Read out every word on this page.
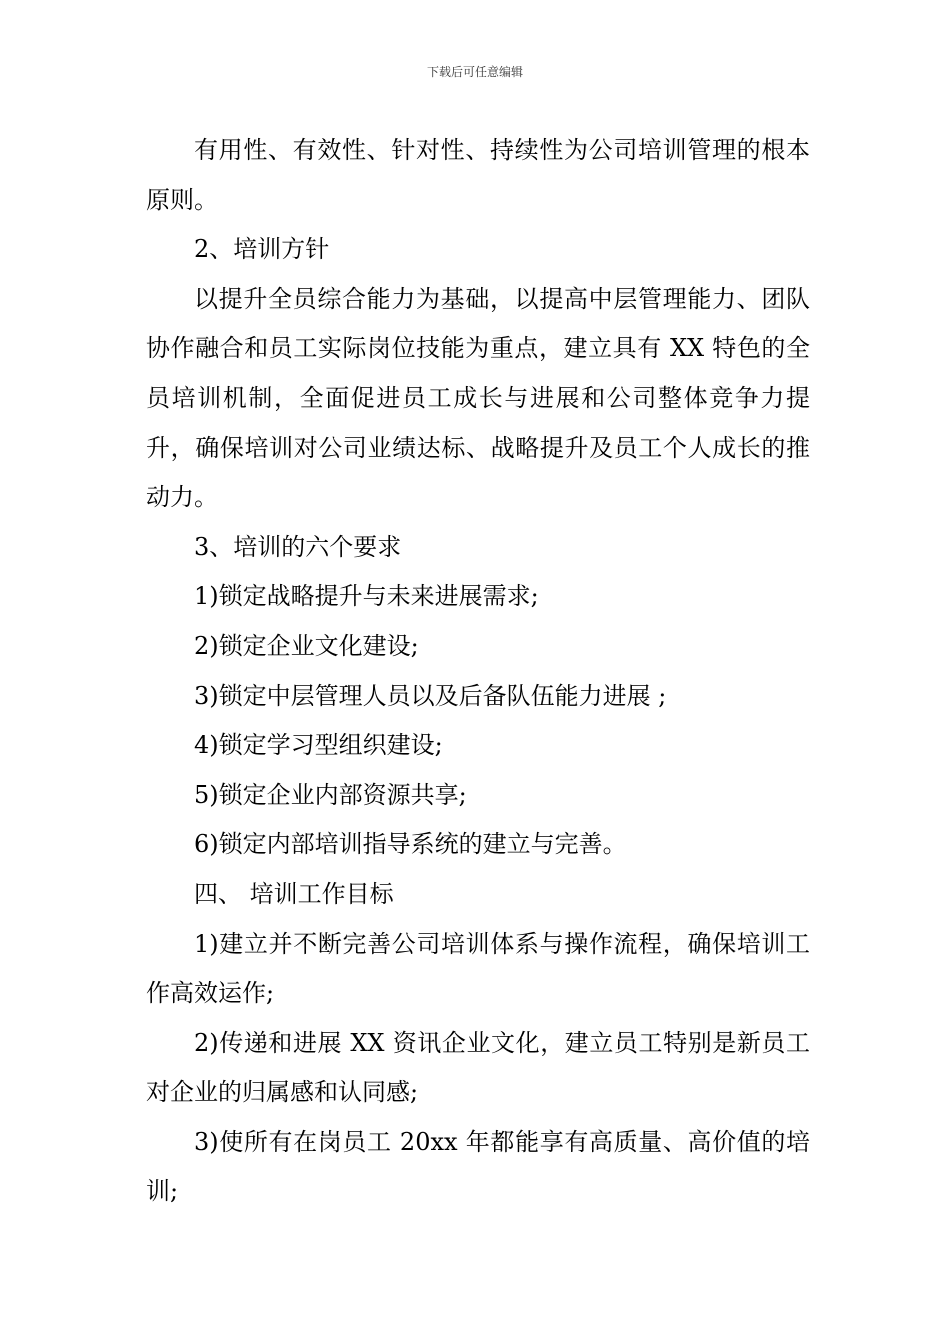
下载后可任意编辑

有用性、有效性、针对性、持续性为公司培训管理的根本原则。

2、培训方针

以提升全员综合能力为基础，以提高中层管理能力、团队协作融合和员工实际岗位技能为重点，建立具有 XX 特色的全员培训机制，全面促进员工成长与进展和公司整体竞争力提升，确保培训对公司业绩达标、战略提升及员工个人成长的推动力。

3、培训的六个要求

1)锁定战略提升与未来进展需求;

2)锁定企业文化建设;

3)锁定中层管理人员以及后备队伍能力进展 ;

4)锁定学习型组织建设;

5)锁定企业内部资源共享;

6)锁定内部培训指导系统的建立与完善。

四、 培训工作目标

1)建立并不断完善公司培训体系与操作流程，确保培训工作高效运作;

2)传递和进展 XX 资讯企业文化，建立员工特别是新员工对企业的归属感和认同感;

3)使所有在岗员工 20xx 年都能享有高质量、高价值的培训;
